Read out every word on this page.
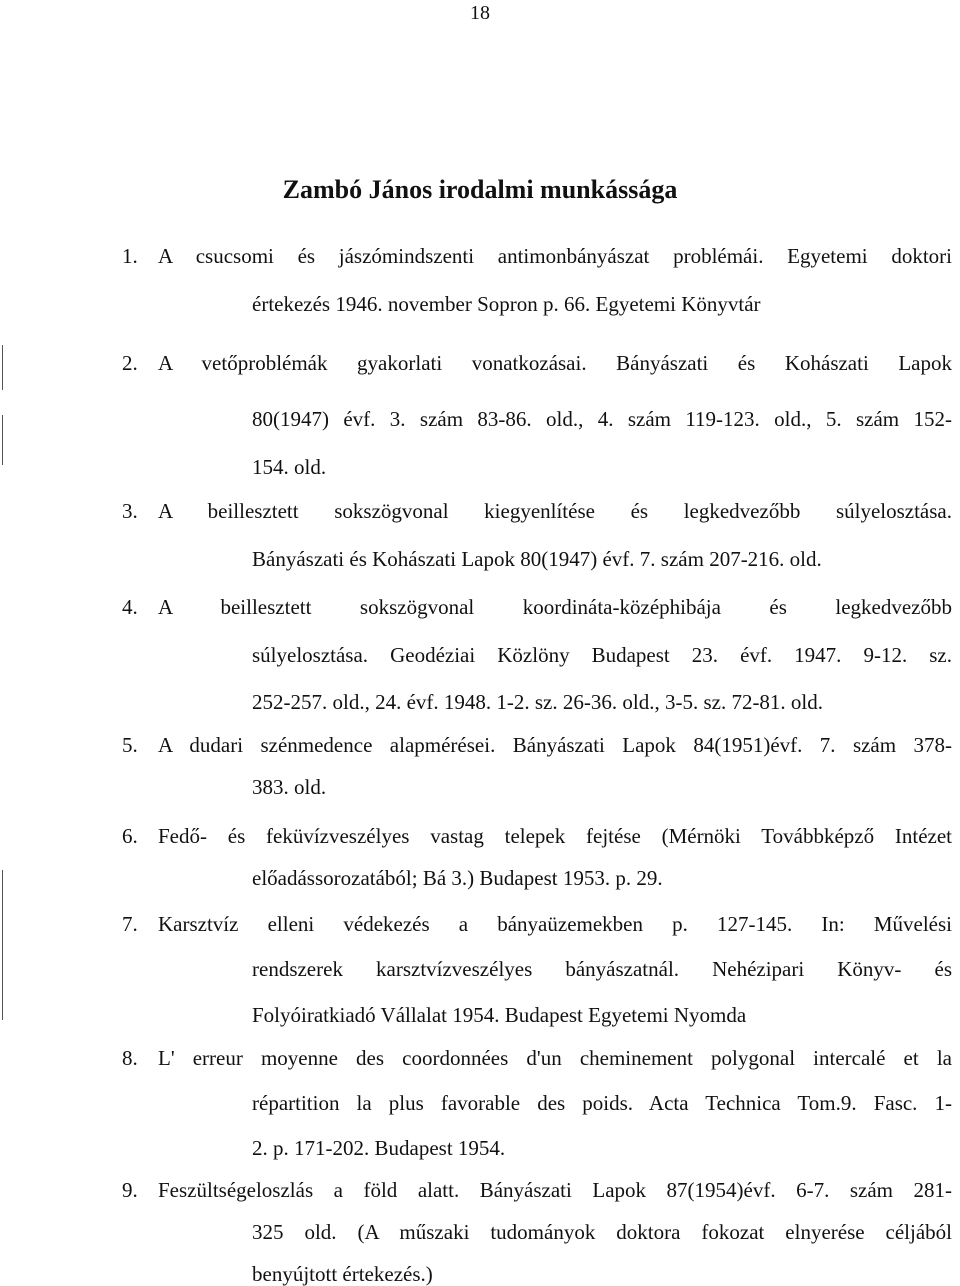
18
Zambó János irodalmi munkássága
1. A csucsomi és jászómindszenti antimonbányászat problémái. Egyetemi doktori
értekezés 1946. november Sopron p. 66. Egyetemi Könyvtár
2. A vetőproblémák gyakorlati vonatkozásai. Bányászati és Kohászati Lapok
80(1947) évf. 3. szám 83-86. old., 4. szám 119-123. old., 5. szám 152-
154. old.
3. A beillesztett sokszögvonal kiegyenlítése és legkedvezőbb súlyelosztása.
Bányászati és Kohászati Lapok 80(1947) évf. 7. szám 207-216. old.
4. A beillesztett sokszögvonal koordináta-középhibája és legkedvezőbb
súlyelosztása. Geodéziai Közlöny Budapest 23. évf. 1947. 9-12. sz.
252-257. old., 24. évf. 1948. 1-2. sz. 26-36. old., 3-5. sz. 72-81. old.
5. A dudari szénmedence alapmérései. Bányászati Lapok 84(1951)évf. 7. szám 378-
383. old.
6. Fedő- és feküvízveszélyes vastag telepek fejtése (Mérnöki Továbbképző Intézet
előadássorozatából; Bá 3.) Budapest 1953. p. 29.
7. Karsztvíz elleni védekezés a bányaüzemekben p. 127-145. In: Művelési
rendszerek karsztvízveszélyes bányászatnál. Nehézipari Könyv- és
Folyóiratkiadó Vállalat 1954. Budapest Egyetemi Nyomda
8. L' erreur moyenne des coordonnées d'un cheminement polygonal intercalé et la
répartition la plus favorable des poids. Acta Technica Tom.9. Fasc. 1-
2. p. 171-202. Budapest 1954.
9. Feszültségeloszlás a föld alatt. Bányászati Lapok 87(1954)évf. 6-7. szám 281-
325 old. (A műszaki tudományok doktora fokozat elnyerése céljából
benyújtott értekezés.)
